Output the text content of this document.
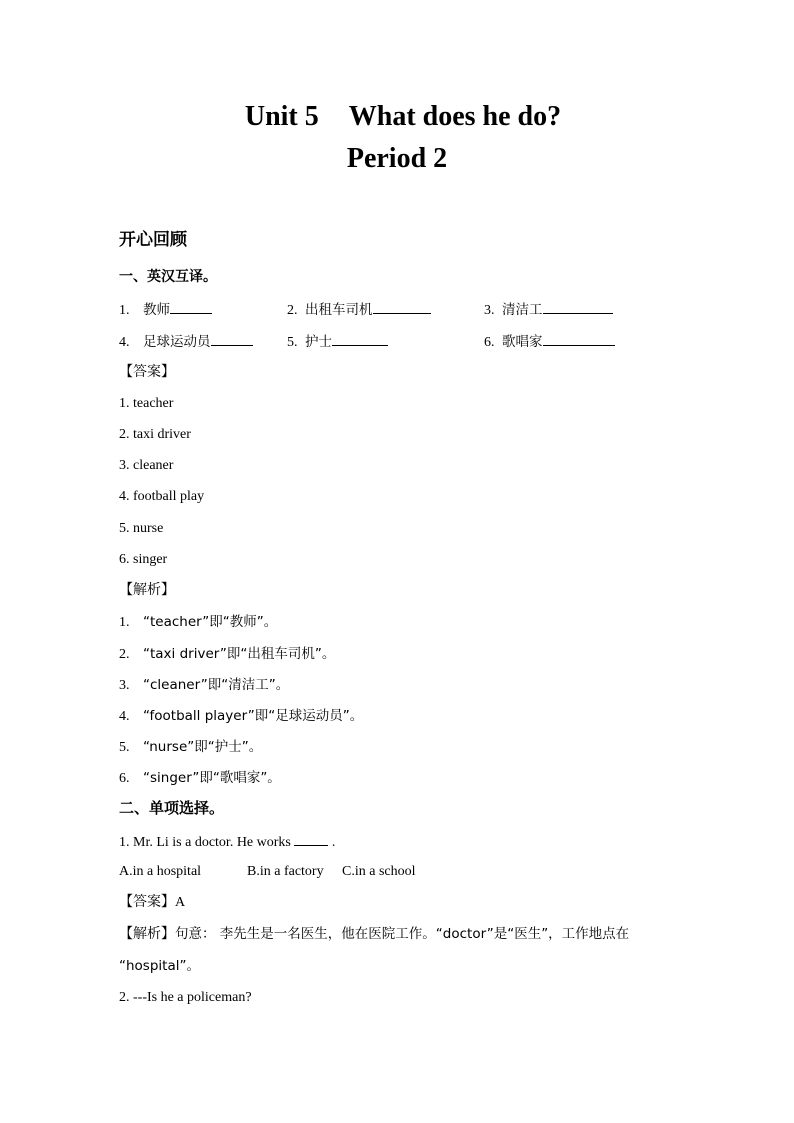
Unit 5 What does he do?
Period 2
开心回顾
一、英汉互译。
1. 教师	2. 出租车司机	3. 清洁工
4. 足球运动员	5. 护士	6. 歌唱家
【答案】
1. teacher
2. taxi driver
3. cleaner
4. football play
5. nurse
6. singer
【解析】
1. “teacher”即“教师”。
2. “taxi driver”即“出租车司机”。
3. “cleaner”即“清洁工”。
4. “football player”即“足球运动员”。
5. “nurse”即“护士”。
6. “singer”即“歌唱家”。
二、单项选择。
1. Mr. Li is a doctor. He works	.
A.in a hospital	B.in a factory C.in a school
【答案】A
【解析】句意： 李先生是一名医生，他在医院工作。“doctor”是“医生”，工作地点在
“hospital”。
2. ---Is he a policeman?
